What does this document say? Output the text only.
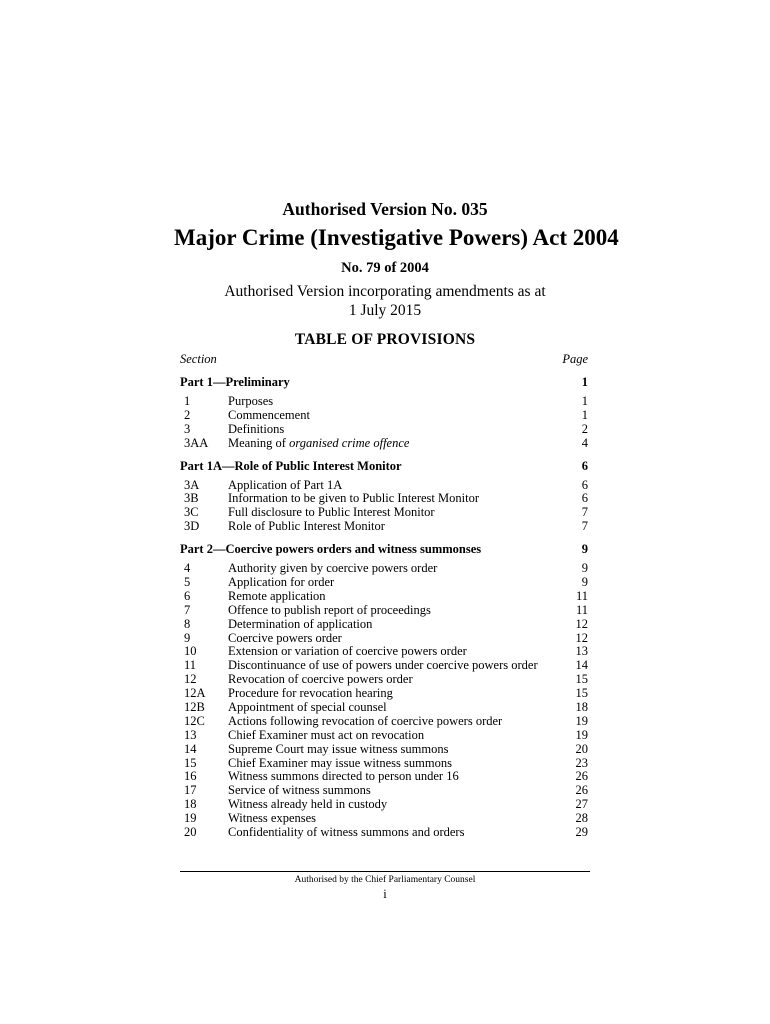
Authorised Version No. 035
Major Crime (Investigative Powers) Act 2004
No. 79 of 2004
Authorised Version incorporating amendments as at
1 July 2015
TABLE OF PROVISIONS
Section	Page
Part 1—Preliminary	1
1	Purposes	1
2	Commencement	1
3	Definitions	2
3AA Meaning of organised crime offence	4
Part 1A—Role of Public Interest Monitor	6
3A Application of Part 1A	6
3B Information to be given to Public Interest Monitor	6
3C Full disclosure to Public Interest Monitor	7
3D Role of Public Interest Monitor	7
Part 2—Coercive powers orders and witness summonses	9
4	Authority given by coercive powers order	9
5	Application for order	9
6	Remote application	11
7	Offence to publish report of proceedings	11
8	Determination of application	12
9	Coercive powers order	12
10	Extension or variation of coercive powers order	13
11	Discontinuance of use of powers under coercive powers order	14
12	Revocation of coercive powers order	15
12A Procedure for revocation hearing	15
12B Appointment of special counsel	18
12C Actions following revocation of coercive powers order	19
13	Chief Examiner must act on revocation	19
14	Supreme Court may issue witness summons	20
15	Chief Examiner may issue witness summons	23
16	Witness summons directed to person under 16	26
17	Service of witness summons	26
18	Witness already held in custody	27
19	Witness expenses	28
20	Confidentiality of witness summons and orders	29
Authorised by the Chief Parliamentary Counsel
i
